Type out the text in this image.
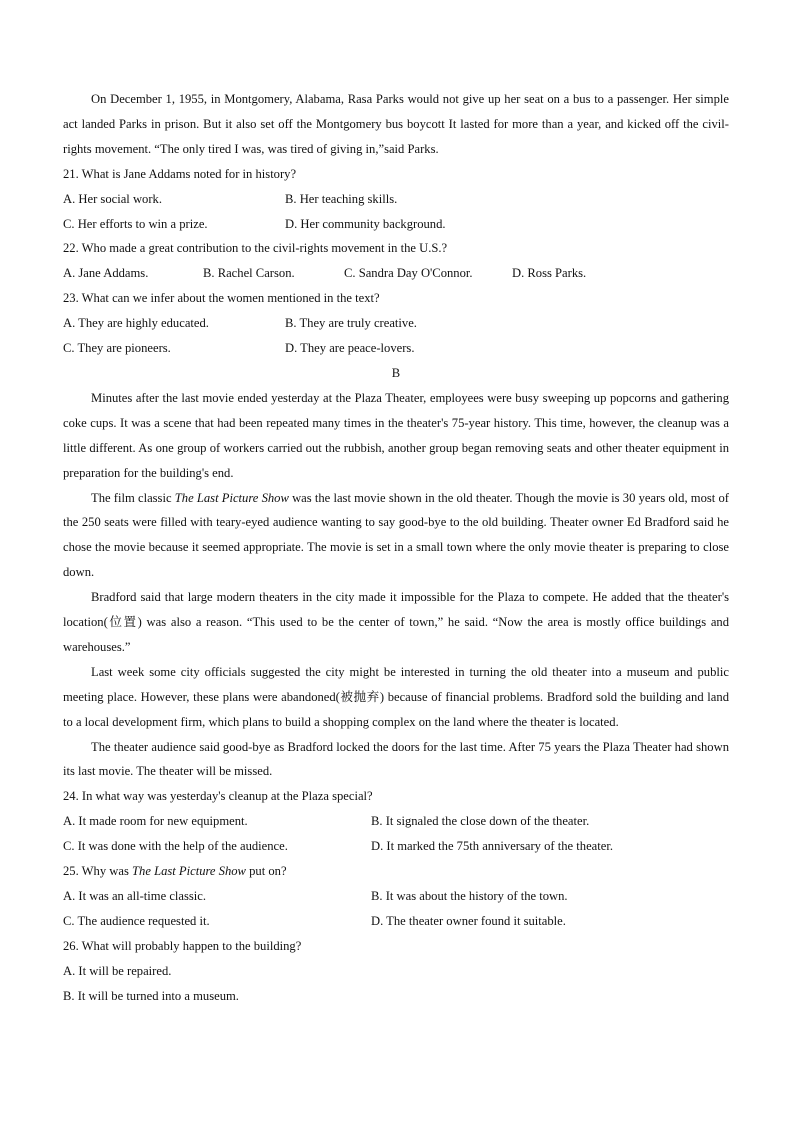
On December 1, 1955, in Montgomery, Alabama, Rasa Parks would not give up her seat on a bus to a passenger. Her simple act landed Parks in prison. But it also set off the Montgomery bus boycott It lasted for more than a year, and kicked off the civil-rights movement. “The only tired I was, was tired of giving in,”said Parks.

21. What is Jane Addams noted for in history?

A. Her social work.	B. Her teaching skills.
C. Her efforts to win a prize.	D. Her community background.

22. Who made a great contribution to the civil-rights movement in the U.S.?

A. Jane Addams.	B. Rachel Carson.	C. Sandra Day O'Connor.	D. Ross Parks.

23. What can we infer about the women mentioned in the text?

A. They are highly educated.	B. They are truly creative.
C. They are pioneers.	D. They are peace-lovers.

B

Minutes after the last movie ended yesterday at the Plaza Theater, employees were busy sweeping up popcorns and gathering coke cups. It was a scene that had been repeated many times in the theater's 75-year history. This time, however, the cleanup was a little different. As one group of workers carried out the rubbish, another group began removing seats and other theater equipment in preparation for the building's end.

The film classic The Last Picture Show was the last movie shown in the old theater. Though the movie is 30 years old, most of the 250 seats were filled with teary-eyed audience wanting to say good-bye to the old building. Theater owner Ed Bradford said he chose the movie because it seemed appropriate. The movie is set in a small town where the only movie theater is preparing to close down.

Bradford said that large modern theaters in the city made it impossible for the Plaza to compete. He added that the theater's location(位置) was also a reason. “This used to be the center of town,” he said. “Now the area is mostly office buildings and warehouses.”

Last week some city officials suggested the city might be interested in turning the old theater into a museum and public meeting place. However, these plans were abandoned(被抛弃) because of financial problems. Bradford sold the building and land to a local development firm, which plans to build a shopping complex on the land where the theater is located.

The theater audience said good-bye as Bradford locked the doors for the last time. After 75 years the Plaza Theater had shown its last movie. The theater will be missed.

24. In what way was yesterday's cleanup at the Plaza special?

A. It made room for new equipment.	B. It signaled the close down of the theater.
C. It was done with the help of the audience.	D. It marked the 75th anniversary of the theater.

25. Why was The Last Picture Show put on?

A. It was an all-time classic.	B. It was about the history of the town.
C. The audience requested it.	D. The theater owner found it suitable.

26. What will probably happen to the building?

A. It will be repaired.

B. It will be turned into a museum.
